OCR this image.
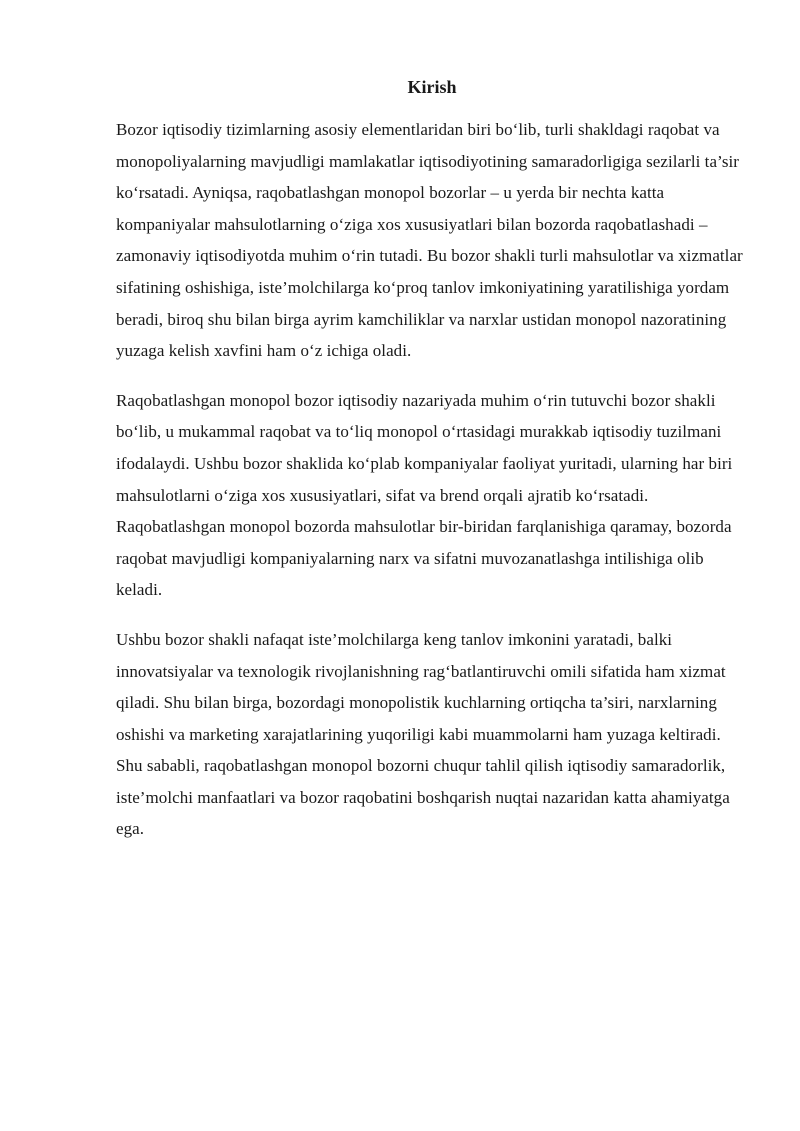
Kirish

Bozor iqtisodiy tizimlarning asosiy elementlaridan biri bo‘lib, turli shakldagi raqobat va monopoliyalarning mavjudligi mamlakatlar iqtisodiyotining samaradorligiga sezilarli ta’sir ko‘rsatadi. Ayniqsa, raqobatlashgan monopol bozorlar – u yerda bir nechta katta kompaniyalar mahsulotlarning o‘ziga xos xususiyatlari bilan bozorda raqobatlashadi – zamonaviy iqtisodiyotda muhim o‘rin tutadi. Bu bozor shakli turli mahsulotlar va xizmatlar sifatining oshishiga, iste’molchilarga ko‘proq tanlov imkoniyatining yaratilishiga yordam beradi, biroq shu bilan birga ayrim kamchiliklar va narxlar ustidan monopol nazoratining yuzaga kelish xavfini ham o‘z ichiga oladi.

Raqobatlashgan monopol bozor iqtisodiy nazariyada muhim o‘rin tutuvchi bozor shakli bo‘lib, u mukammal raqobat va to‘liq monopol o‘rtasidagi murakkab iqtisodiy tuzilmani ifodalaydi. Ushbu bozor shaklida ko‘plab kompaniyalar faoliyat yuritadi, ularning har biri mahsulotlarni o‘ziga xos xususiyatlari, sifat va brend orqali ajratib ko‘rsatadi. Raqobatlashgan monopol bozorda mahsulotlar bir-biridan farqlanishiga qaramay, bozorda raqobat mavjudligi kompaniyalarning narx va sifatni muvozanatlashga intilishiga olib keladi.

Ushbu bozor shakli nafaqat iste’molchilarga keng tanlov imkonini yaratadi, balki innovatsiyalar va texnologik rivojlanishning rag‘batlantiruvchi omili sifatida ham xizmat qiladi. Shu bilan birga, bozordagi monopolistik kuchlarning ortiqcha ta’siri, narxlarning oshishi va marketing xarajatlarining yuqoriligi kabi muammolarni ham yuzaga keltiradi. Shu sababli, raqobatlashgan monopol bozorni chuqur tahlil qilish iqtisodiy samaradorlik, iste’molchi manfaatlari va bozor raqobatini boshqarish nuqtai nazaridan katta ahamiyatga ega.
